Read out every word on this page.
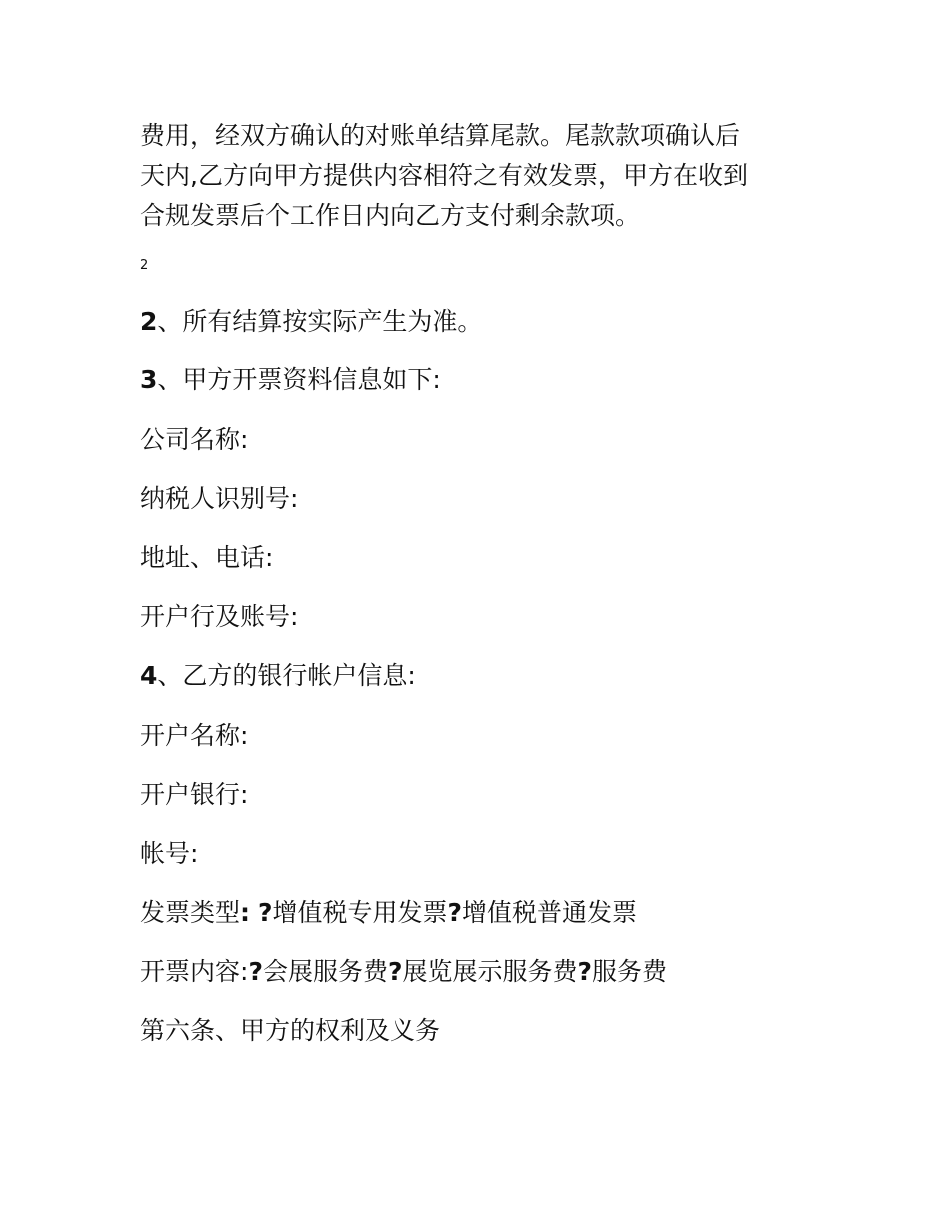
费用，经双方确认的对账单结算尾款。尾款款项确认后
天内,乙方向甲方提供内容相符之有效发票，甲方在收到
合规发票后个工作日内向乙方支付剩余款项。
2
2、所有结算按实际产生为准。
3、甲方开票资料信息如下:
公司名称:
纳税人识别号:
地址、电话:
开户行及账号:
4、乙方的银行帐户信息:
开户名称:
开户银行:
帐号:
发票类型: ?增值税专用发票?增值税普通发票
开票内容:?会展服务费?展览展示服务费?服务费
第六条、甲方的权利及义务
